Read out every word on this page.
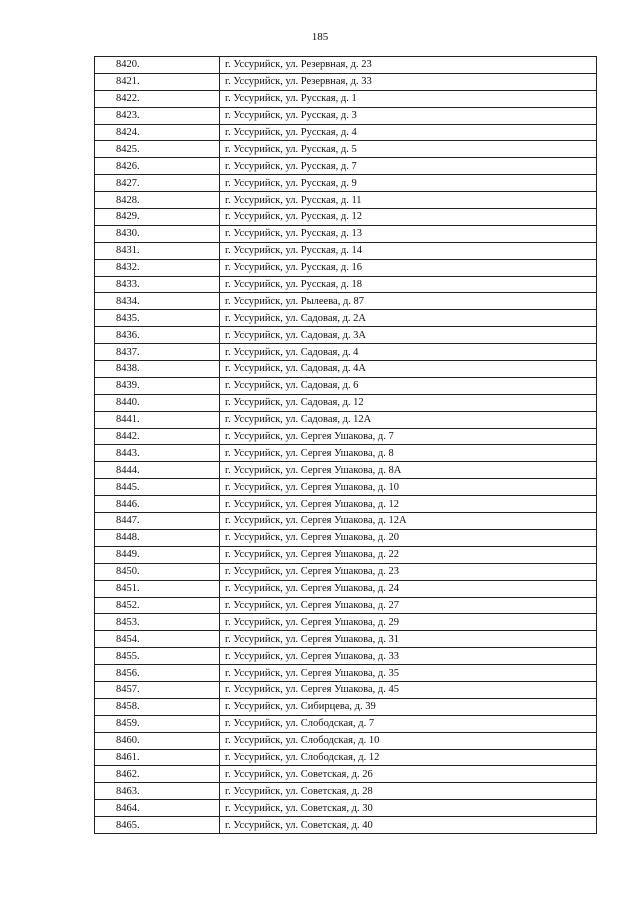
185
8420.	г. Уссурийск, ул. Резервная, д. 23
8421.	г. Уссурийск, ул. Резервная, д. 33
8422.	г. Уссурийск, ул. Русская, д. 1
8423.	г. Уссурийск, ул. Русская, д. 3
8424.	г. Уссурийск, ул. Русская, д. 4
8425.	г. Уссурийск, ул. Русская, д. 5
8426.	г. Уссурийск, ул. Русская, д. 7
8427.	г. Уссурийск, ул. Русская, д. 9
8428.	г. Уссурийск, ул. Русская, д. 11
8429.	г. Уссурийск, ул. Русская, д. 12
8430.	г. Уссурийск, ул. Русская, д. 13
8431.	г. Уссурийск, ул. Русская, д. 14
8432.	г. Уссурийск, ул. Русская, д. 16
8433.	г. Уссурийск, ул. Русская, д. 18
8434.	г. Уссурийск, ул. Рылеева, д. 87
8435.	г. Уссурийск, ул. Садовая, д. 2А
8436.	г. Уссурийск, ул. Садовая, д. 3А
8437.	г. Уссурийск, ул. Садовая, д. 4
8438.	г. Уссурийск, ул. Садовая, д. 4А
8439.	г. Уссурийск, ул. Садовая, д. 6
8440.	г. Уссурийск, ул. Садовая, д. 12
8441.	г. Уссурийск, ул. Садовая, д. 12А
8442.	г. Уссурийск, ул. Сергея Ушакова, д. 7
8443.	г. Уссурийск, ул. Сергея Ушакова, д. 8
8444.	г. Уссурийск, ул. Сергея Ушакова, д. 8А
8445.	г. Уссурийск, ул. Сергея Ушакова, д. 10
8446.	г. Уссурийск, ул. Сергея Ушакова, д. 12
8447.	г. Уссурийск, ул. Сергея Ушакова, д. 12А
8448.	г. Уссурийск, ул. Сергея Ушакова, д. 20
8449.	г. Уссурийск, ул. Сергея Ушакова, д. 22
8450.	г. Уссурийск, ул. Сергея Ушакова, д. 23
8451.	г. Уссурийск, ул. Сергея Ушакова, д. 24
8452.	г. Уссурийск, ул. Сергея Ушакова, д. 27
8453.	г. Уссурийск, ул. Сергея Ушакова, д. 29
8454.	г. Уссурийск, ул. Сергея Ушакова, д. 31
8455.	г. Уссурийск, ул. Сергея Ушакова, д. 33
8456.	г. Уссурийск, ул. Сергея Ушакова, д. 35
8457.	г. Уссурийск, ул. Сергея Ушакова, д. 45
8458.	г. Уссурийск, ул. Сибирцева, д. 39
8459.	г. Уссурийск, ул. Слободская, д. 7
8460.	г. Уссурийск, ул. Слободская, д. 10
8461.	г. Уссурийск, ул. Слободская, д. 12
8462.	г. Уссурийск, ул. Советская, д. 26
8463.	г. Уссурийск, ул. Советская, д. 28
8464.	г. Уссурийск, ул. Советская, д. 30
8465.	г. Уссурийск, ул. Советская, д. 40
